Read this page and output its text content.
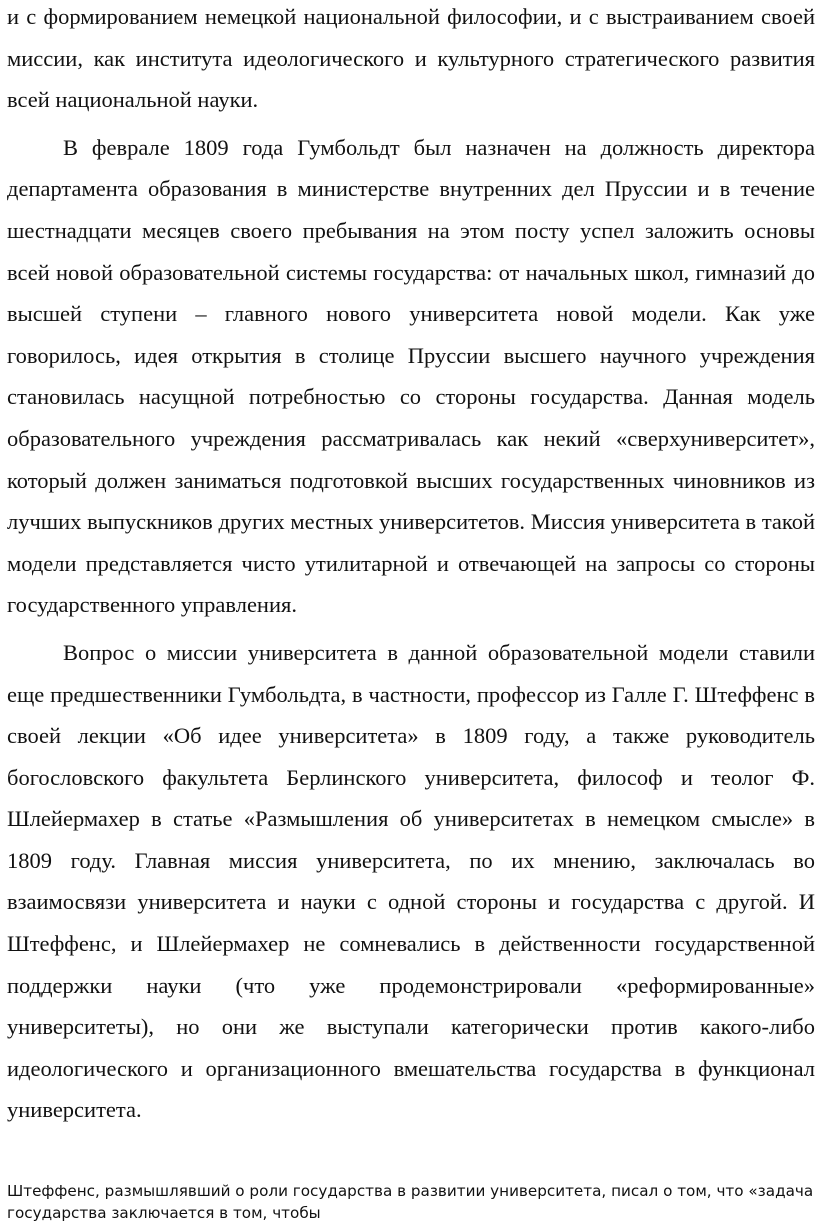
и с формированием немецкой национальной философии, и с выстраиванием своей миссии, как института идеологического и культурного стратегического развития всей национальной науки.

В феврале 1809 года Гумбольдт был назначен на должность директора департамента образования в министерстве внутренних дел Пруссии и в течение шестнадцати месяцев своего пребывания на этом посту успел заложить основы всей новой образовательной системы государства: от начальных школ, гимназий до высшей ступени – главного нового университета новой модели. Как уже говорилось, идея открытия в столице Пруссии высшего научного учреждения становилась насущной потребностью со стороны государства. Данная модель образовательного учреждения рассматривалась как некий «сверхуниверситет», который должен заниматься подготовкой высших государственных чиновников из лучших выпускников других местных университетов. Миссия университета в такой модели представляется чисто утилитарной и отвечающей на запросы со стороны государственного управления.

Вопрос о миссии университета в данной образовательной модели ставили еще предшественники Гумбольдта, в частности, профессор из Галле Г. Штеффенс в своей лекции «Об идее университета» в 1809 году, а также руководитель богословского факультета Берлинского университета, философ и теолог Ф. Шлейермахер в статье «Размышления об университетах в немецком смысле» в 1809 году. Главная миссия университета, по их мнению, заключалась во взаимосвязи университета и науки с одной стороны и государства с другой. И Штеффенс, и Шлейермахер не сомневались в действенности государственной поддержки науки (что уже продемонстрировали «реформированные» университеты), но они же выступали категорически против какого-либо идеологического и организационного вмешательства государства в функционал университета.

Штеффенс, размышлявший о роли государства в развитии университета, писал о том, что «задача государства заключается в том, чтобы
